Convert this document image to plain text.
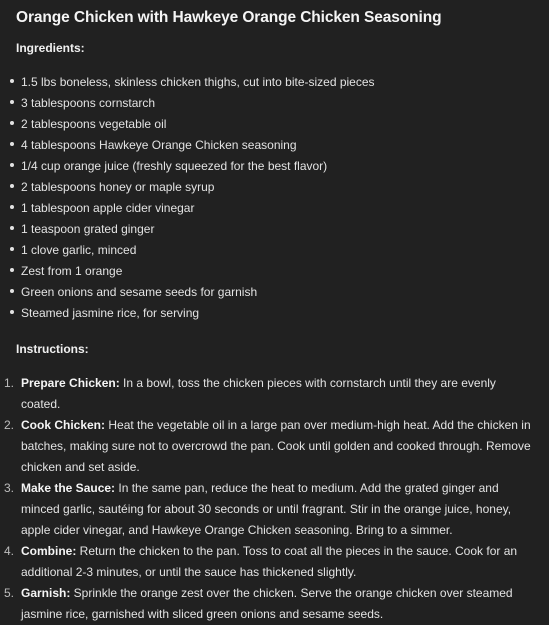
Orange Chicken with Hawkeye Orange Chicken Seasoning
Ingredients:
1.5 lbs boneless, skinless chicken thighs, cut into bite-sized pieces
3 tablespoons cornstarch
2 tablespoons vegetable oil
4 tablespoons Hawkeye Orange Chicken seasoning
1/4 cup orange juice (freshly squeezed for the best flavor)
2 tablespoons honey or maple syrup
1 tablespoon apple cider vinegar
1 teaspoon grated ginger
1 clove garlic, minced
Zest from 1 orange
Green onions and sesame seeds for garnish
Steamed jasmine rice, for serving
Instructions:
1. Prepare Chicken: In a bowl, toss the chicken pieces with cornstarch until they are evenly coated.
2. Cook Chicken: Heat the vegetable oil in a large pan over medium-high heat. Add the chicken in batches, making sure not to overcrowd the pan. Cook until golden and cooked through. Remove chicken and set aside.
3. Make the Sauce: In the same pan, reduce the heat to medium. Add the grated ginger and minced garlic, sautéing for about 30 seconds or until fragrant. Stir in the orange juice, honey, apple cider vinegar, and Hawkeye Orange Chicken seasoning. Bring to a simmer.
4. Combine: Return the chicken to the pan. Toss to coat all the pieces in the sauce. Cook for an additional 2-3 minutes, or until the sauce has thickened slightly.
5. Garnish: Sprinkle the orange zest over the chicken. Serve the orange chicken over steamed jasmine rice, garnished with sliced green onions and sesame seeds.
